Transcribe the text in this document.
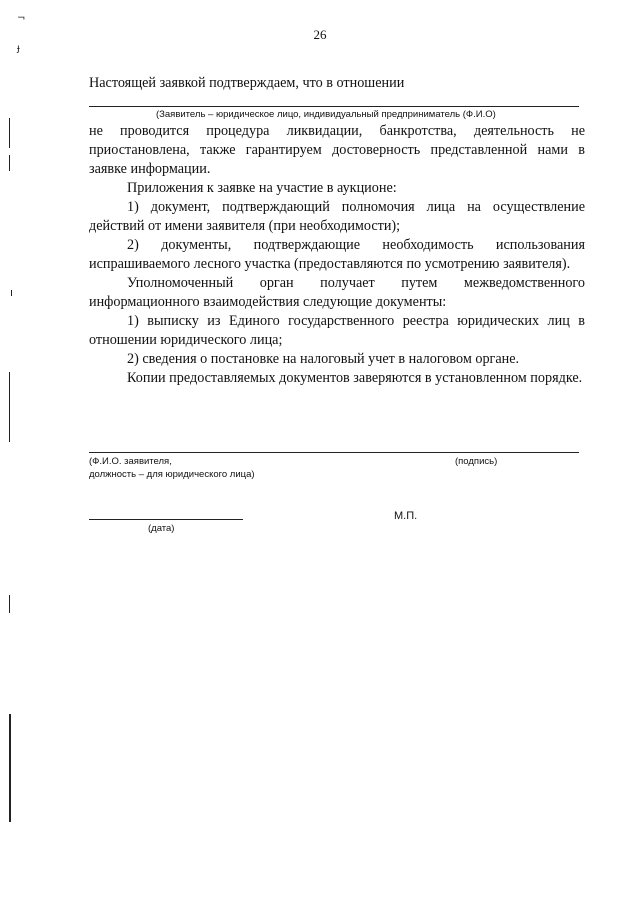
¬
ɟ
26

Настоящей заявкой подтверждаем, что в отношении

(Заявитель – юридическое лицо, индивидуальный предприниматель (Ф.И.О)

не проводится процедура ликвидации, банкротства, деятельность не приостановлена, также гарантируем достоверность представленной нами в заявке информации.

Приложения к заявке на участие в аукционе:

1) документ, подтверждающий полномочия лица на осуществление действий от имени заявителя (при необходимости);

2) документы, подтверждающие необходимость использования испрашиваемого лесного участка (предоставляются по усмотрению заявителя).

Уполномоченный орган получает путем межведомственного информационного взаимодействия следующие документы:

1) выписку из Единого государственного реестра юридических лиц в отношении юридического лица;

2) сведения о постановке на налоговый учет в налоговом органе.

Копии предоставляемых документов заверяются в установленном порядке.

(Ф.И.О. заявителя,
должность – для юридического лица)
(подпись)
М.П.
(дата)
